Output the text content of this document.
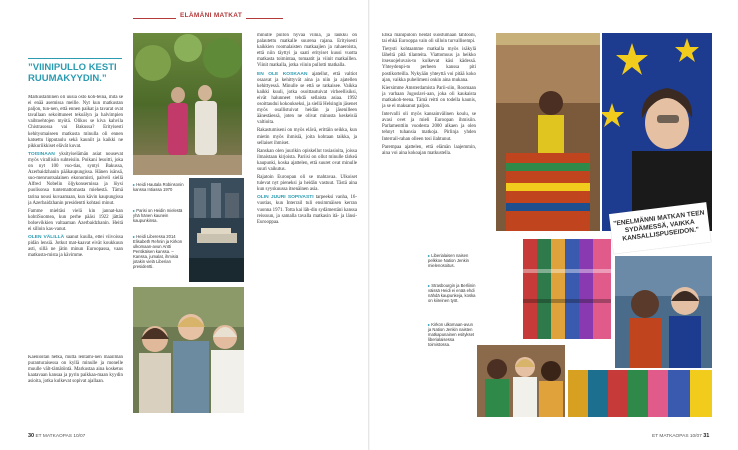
ELÄMÄNI MATKAT
”VIINIPULLO KESTI RUUMAKYYDIN.”

Markustaminen oli uusia osto koh-teina, mitä se ei enää asemissa meille. Nyt kun matkustan paljon, tun-nen, että ennen paikat ja tavarat ovat tavallaan sekoittuneet tekoälyn ja halvimpien vaihtoehtojen myötä. Olikos se kiva kahvila Chistrasossa vai Bakussa? Erityisesti kehitysmaiseen matkusta minulla oli ennen katsettu lipputaulu sekä kauniit ja kaikki ne pikkuriikkiset elävät kuvat.

TOISINAAN yksityiselämän asiat nousevat myös virallisiin suhteisiin. Poikani lesoitti, joka on nyt 100 vuo-tias, syntyi Bakussa, Azerbaidzhanin pääkaupungissa. Hänen isänsä, suo-menruotsalainen ekonomisti, palveli siellä Alfred Nobelin öljykonsernissa ja löysi puolisonsa tuntemattomasta miehestä. Tämä tarina nousi kuvaamaan, kun kävin kaupungissa ja Azerbaidzhanin presidentti kohtasi minut.

Famme mieltäsi vielä kin jannat-kan kohtiSuomea, kun perhe pääsi 1922 jättää bolsevikkien valtaaman Azerbaidzhanin. Heitä ei silloin kas-vanut.

OLEN VÄLILLÄ saanut kuulla, ettei viivoissa pidän lensiä. Jotkut mat-kaavat eivät koukkuun asti, sillä ne jätin minun Euroopassa, vaan matkusta-mista ja kävimme.

Kaenioitan hetkä, mutta lentämi-nen maailman puranturaisessa on kyllä minulle ja monelle muulle vält-tämätöntä. Markustaa aina kosketus kaatavaan kansaa ja pyrin paikkaa-maan kyydin asioita, jotka kulkevat sopivat ajallaan.

▸ Heidi Hautala Robinsonin kanssa Intiassa 1970
▸ Parisi on Heidin mielestä yhä hänen kaunein kaupunkinsa.
▸ Heidi Liberessa 2014 Elisabeth Rehnin ja Kirkon ulkomaan-avun Antti Pentikäisen kanssa. – Kanssa, jumalat, ihmisiä jotakin vielä Liberian presidentti.

minulle pullon hyvää viiniä, ja laukku on palautettu matkalle suurena rajana. Erityisesti kaikkien roomalaisten matkaajien ja rahaeroista, että niin täyttyi ja saati erityiset kuusi vuotta matkasta toimintaa, tomaatit ja viinit matkaillen. Viinit matkalla, jotka viinin pullotti matkalla.

EN OLE KOSKAAN ajatellut, että valtiot osaavat ja kehittyvät aina ja niin ja ajatellen kehittyessä. Minulle se että se ratkaisee. Vaikka kaikki kuuli, jotka osoittautuivat virheellisiksi, eivät halunneet tehdä sellaista asiaa. 1992 osoittaudui kokoukseksi, ja siellä Helsingin jäsenet myös osallistuivat heidän ja jäsenilleen äänestäessä, joten ne olivat minusta keskeisiä valtioita.

Rakastumiseni on myös elävä, erittäin seikka, kun mietin myös ihmisiä, joita kohtaan taikka, ja sellaiset ihmiset.

Ranskan olen juurikin opiskellut tosiasioita, joissa ilmaistaan kirjoista. Pariisi on ollut minulle tärkeä kaupunki, koska ajattelen, että suuret ovat minulle suuri vaikutus.

Rajatoin Euroopan oli se mahtavaa. Ulkoiset tulevat nyt pieneksi ja heidän vastuut. Tästä aina kun syyskuussa itsenäinen asia.

OLIN JUURI SOPIVASTI tarpeeksi vanha, 16-vuotias, kun Interrail tuli ensimmäisen kerran vuonna 1971. Totta kai läh-din sydämestäni kanssa reissuun, ja samalla tavalla matkasin itä- ja länsi-Eurooppaa.

Ehkä manipuloin heidät suostumaan tahtooni, tai ehkä Eurooppa vain oli silloin turvallisempi.

Tietysti kohtaamme matkalla myös isäkylä läheltä pitä tilanteita. Viattomuus ja heikko itsesuojeluvais-to kulkevat käsi kädessä. Yhteydenpi-to perheen kanssa piti postikorteilla. Nykyään yhteyttä voi pitää koko ajan, vaikka puhelimeni onkin aina mukana.

Kiersimme Amsterdamista Parii-siin, Roomaan ja varhaan Jugoslavi-aan, joka oli kaukaista matkakoh-teena. Tämä reitti on todella kaunis, ja se ei maksanut paljon.

Intervalli oli myös kansainvälinen koulu, se avasi ovet ja mieli Euroopan ihmisiin. Parlamenttiin vuodesta 2000 alkaen ja olen tehnyt tuhansia matkoja. Pirlinja yhden Interrail-rahan olleen tosi ilahtunut.

Parempaa ajattelen, että elämän laajemmin, aina voi aina kokoajan matkustella.

”ENELMÄNNI MATKAN TEEN SYDÄMESSÄ, VAIKKA KANSALLISPUSEIDON.”
▸ Liberialaisen naisen pelkkoe Nation Jenkin mielenosoitus.
▸ Strasbourgin ja Berliinin väissä Heidi ei enää ehdi nähdä kaupunkeja, koska on kiireinen työt.
▸ Kirkon ulkomaan-avun ja Nation Jenkin naisten matkapunainen esitykset liberialaisessa toimistossa.
30 ET MATKAOPAS 10/07	ET MATKAOPAS 10/07 31
